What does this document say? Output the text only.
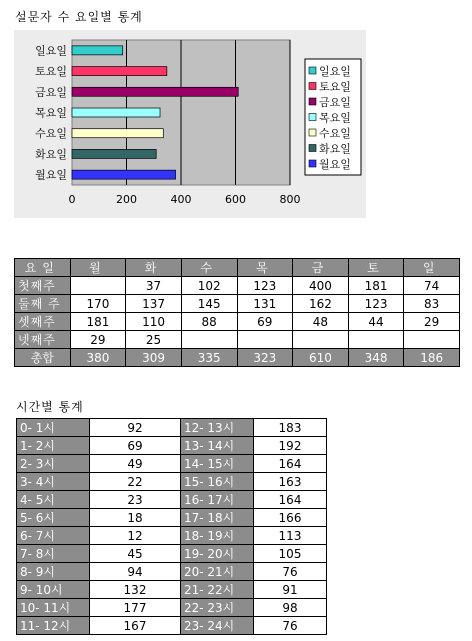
설문자 수 요일별 통계
0	200	400	600	800
일요일
토요일
금요일
목요일
수요일
화요일
월요일
일요일
토요일
금요일
목요일
수요일
화요일
월요일
요일	월	화	수	목	금	토	일
첫째주		37	102	123	400	181	74
둘째 주	170	137	145	131	162	123	83
셋째주	181	110	88	69	48	44	29
넷째주	29	25					
총합	380	309	335	323	610	348	186
시간별 통계
0- 1시	92	12- 13시	183
1- 2시	69	13- 14시	192
2- 3시	49	14- 15시	164
3- 4시	22	15- 16시	163
4- 5시	23	16- 17시	164
5- 6시	18	17- 18시	166
6- 7시	12	18- 19시	113
7- 8시	45	19- 20시	105
8- 9시	94	20- 21시	76
9- 10시	132	21- 22시	91
10- 11시	177	22- 23시	98
11- 12시	167	23- 24시	76
